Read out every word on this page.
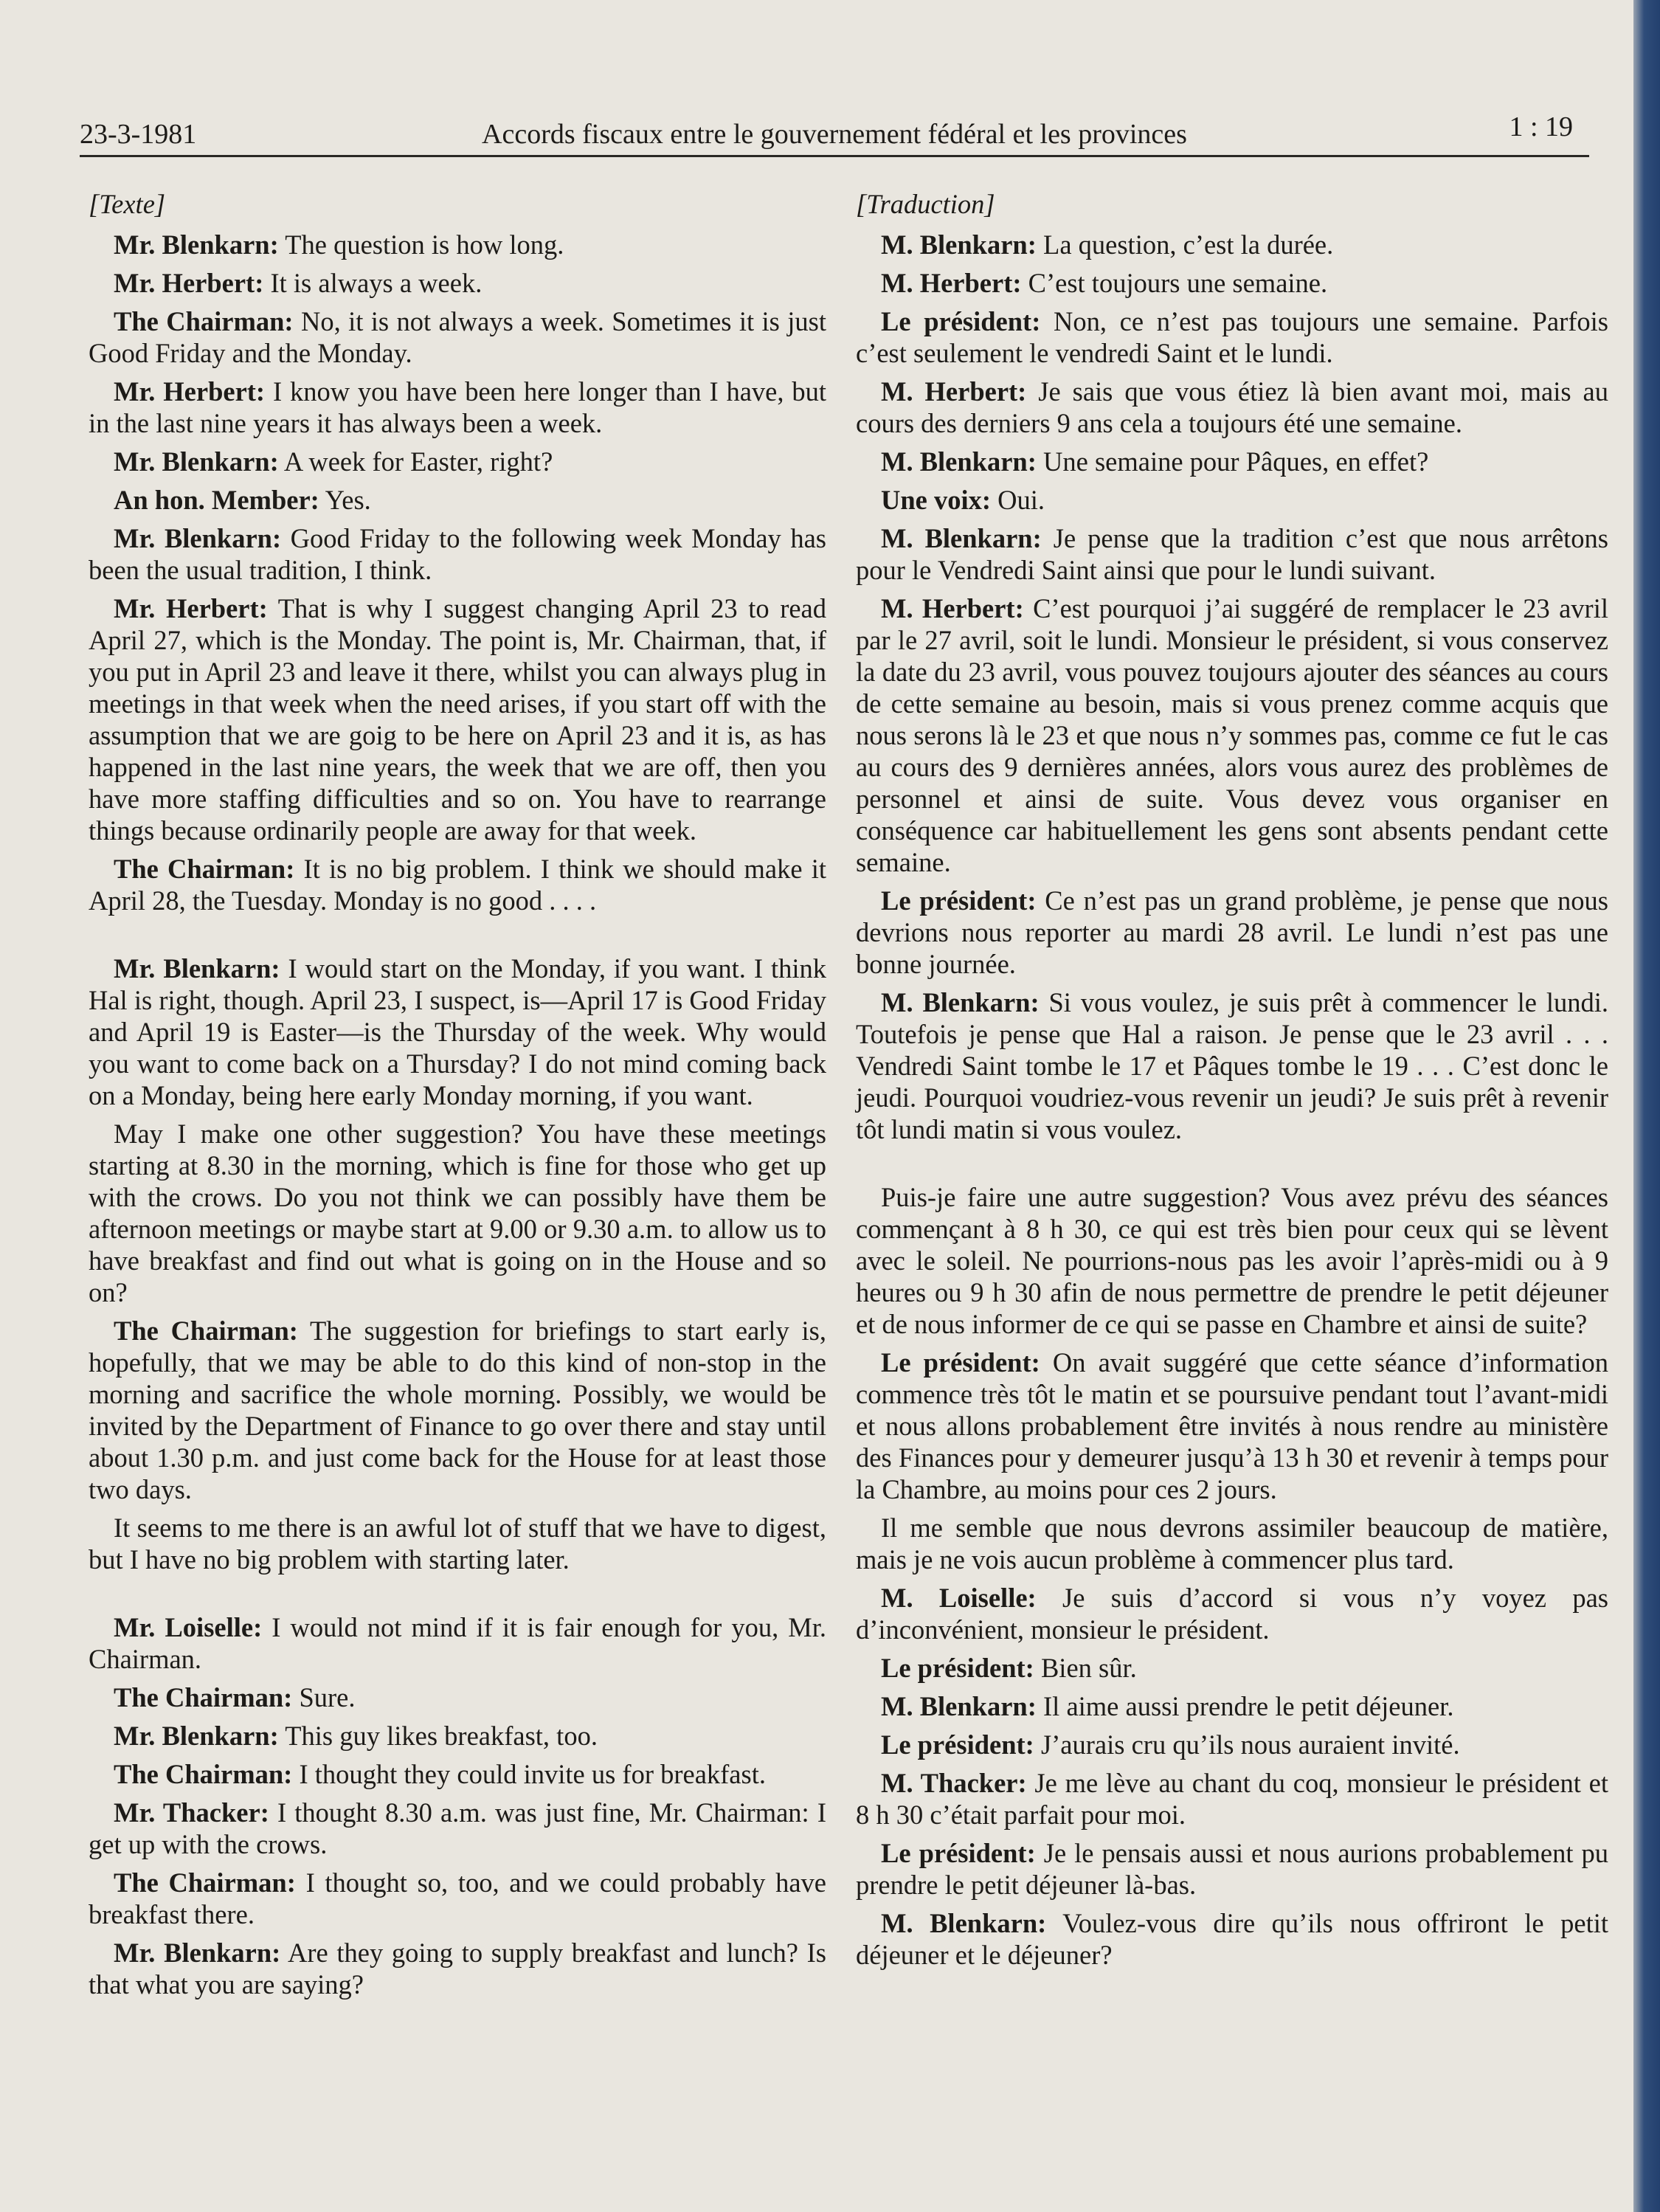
23-3-1981	Accords fiscaux entre le gouvernement fédéral et les provinces	1 : 19
[Texte]
Mr. Blenkarn: The question is how long.
Mr. Herbert: It is always a week.
The Chairman: No, it is not always a week. Sometimes it is just Good Friday and the Monday.
Mr. Herbert: I know you have been here longer than I have, but in the last nine years it has always been a week.
Mr. Blenkarn: A week for Easter, right?
An hon. Member: Yes.
Mr. Blenkarn: Good Friday to the following week Monday has been the usual tradition, I think.
Mr. Herbert: That is why I suggest changing April 23 to read April 27, which is the Monday. The point is, Mr. Chairman, that, if you put in April 23 and leave it there, whilst you can always plug in meetings in that week when the need arises, if you start off with the assumption that we are goig to be here on April 23 and it is, as has happened in the last nine years, the week that we are off, then you have more staffing difficulties and so on. You have to rearrange things because ordinarily people are away for that week.
The Chairman: It is no big problem. I think we should make it April 28, the Tuesday. Monday is no good . . . .
Mr. Blenkarn: I would start on the Monday, if you want. I think Hal is right, though. April 23, I suspect, is—April 17 is Good Friday and April 19 is Easter—is the Thursday of the week. Why would you want to come back on a Thursday? I do not mind coming back on a Monday, being here early Monday morning, if you want.
May I make one other suggestion? You have these meetings starting at 8.30 in the morning, which is fine for those who get up with the crows. Do you not think we can possibly have them be afternoon meetings or maybe start at 9.00 or 9.30 a.m. to allow us to have breakfast and find out what is going on in the House and so on?
The Chairman: The suggestion for briefings to start early is, hopefully, that we may be able to do this kind of non-stop in the morning and sacrifice the whole morning. Possibly, we would be invited by the Department of Finance to go over there and stay until about 1.30 p.m. and just come back for the House for at least those two days.
It seems to me there is an awful lot of stuff that we have to digest, but I have no big problem with starting later.
Mr. Loiselle: I would not mind if it is fair enough for you, Mr. Chairman.
The Chairman: Sure.
Mr. Blenkarn: This guy likes breakfast, too.
The Chairman: I thought they could invite us for breakfast.
Mr. Thacker: I thought 8.30 a.m. was just fine, Mr. Chairman: I get up with the crows.
The Chairman: I thought so, too, and we could probably have breakfast there.
Mr. Blenkarn: Are they going to supply breakfast and lunch? Is that what you are saying?
[Traduction]
M. Blenkarn: La question, c’est la durée.
M. Herbert: C’est toujours une semaine.
Le président: Non, ce n’est pas toujours une semaine. Parfois c’est seulement le vendredi Saint et le lundi.
M. Herbert: Je sais que vous étiez là bien avant moi, mais au cours des derniers 9 ans cela a toujours été une semaine.
M. Blenkarn: Une semaine pour Pâques, en effet?
Une voix: Oui.
M. Blenkarn: Je pense que la tradition c’est que nous arrêtons pour le Vendredi Saint ainsi que pour le lundi suivant.
M. Herbert: C’est pourquoi j’ai suggéré de remplacer le 23 avril par le 27 avril, soit le lundi. Monsieur le président, si vous conservez la date du 23 avril, vous pouvez toujours ajouter des séances au cours de cette semaine au besoin, mais si vous prenez comme acquis que nous serons là le 23 et que nous n’y sommes pas, comme ce fut le cas au cours des 9 dernières années, alors vous aurez des problèmes de personnel et ainsi de suite. Vous devez vous organiser en conséquence car habituellement les gens sont absents pendant cette semaine.
Le président: Ce n’est pas un grand problème, je pense que nous devrions nous reporter au mardi 28 avril. Le lundi n’est pas une bonne journée.
M. Blenkarn: Si vous voulez, je suis prêt à commencer le lundi. Toutefois je pense que Hal a raison. Je pense que le 23 avril . . . Vendredi Saint tombe le 17 et Pâques tombe le 19 . . . C’est donc le jeudi. Pourquoi voudriez-vous revenir un jeudi? Je suis prêt à revenir tôt lundi matin si vous voulez.
Puis-je faire une autre suggestion? Vous avez prévu des séances commençant à 8 h 30, ce qui est très bien pour ceux qui se lèvent avec le soleil. Ne pourrions-nous pas les avoir l’après-midi ou à 9 heures ou 9 h 30 afin de nous permettre de prendre le petit déjeuner et de nous informer de ce qui se passe en Chambre et ainsi de suite?
Le président: On avait suggéré que cette séance d’information commence très tôt le matin et se poursuive pendant tout l’avant-midi et nous allons probablement être invités à nous rendre au ministère des Finances pour y demeurer jusqu’à 13 h 30 et revenir à temps pour la Chambre, au moins pour ces 2 jours.
Il me semble que nous devrons assimiler beaucoup de matière, mais je ne vois aucun problème à commencer plus tard.
M. Loiselle: Je suis d’accord si vous n’y voyez pas d’inconvénient, monsieur le président.
Le président: Bien sûr.
M. Blenkarn: Il aime aussi prendre le petit déjeuner.
Le président: J’aurais cru qu’ils nous auraient invité.
M. Thacker: Je me lève au chant du coq, monsieur le président et 8 h 30 c’était parfait pour moi.
Le président: Je le pensais aussi et nous aurions probablement pu prendre le petit déjeuner là-bas.
M. Blenkarn: Voulez-vous dire qu’ils nous offriront le petit déjeuner et le déjeuner?
